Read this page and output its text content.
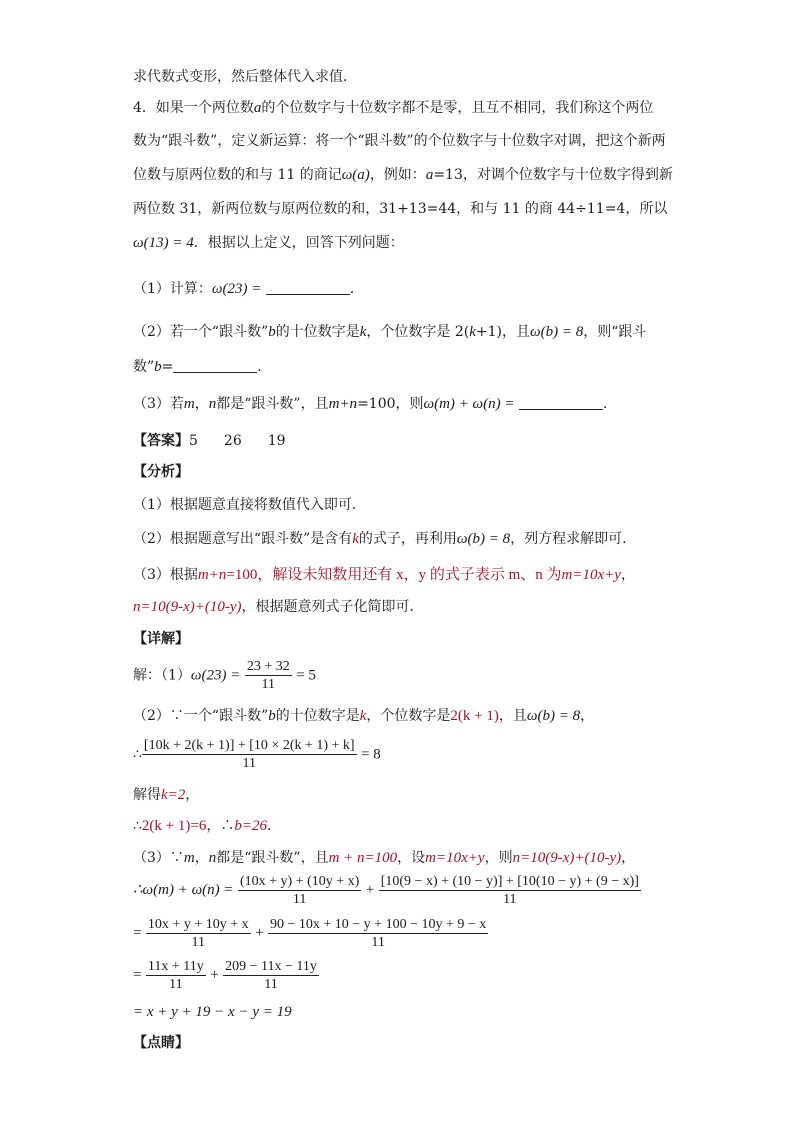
求代数式变形，然后整体代入求值．
4．如果一个两位数a的个位数字与十位数字都不是零，且互不相同，我们称这个两位
数为“跟斗数”，定义新运算：将一个“跟斗数”的个位数字与十位数字对调，把这个新两
位数与原两位数的和与 11 的商记ω(a)，例如：a=13，对调个位数字与十位数字得到新
两位数 31，新两位数与原两位数的和，31+13=44，和与 11 的商 44÷11=4，所以
ω(13) = 4．根据以上定义，回答下列问题：
（1）计算：ω(23) =	．
（2）若一个“跟斗数”b的十位数字是k，个位数字是 2(k+1)，且ω(b) = 8，则“跟斗
数”b=	．
（3）若m，n都是“跟斗数”，且m+n=100，则ω(m) + ω(n) =	．
【答案】5 26 19
【分析】
（1）根据题意直接将数值代入即可．
（2）根据题意写出“跟斗数”是含有k的式子，再利用ω(b) = 8，列方程求解即可．
（3）根据m+n=100，解设未知数用还有 x，y 的式子表示 m、n 为m=10x+y，
n=10(9-x)+(10-y)，根据题意列式子化简即可．
【详解】
解：$(1)\omega(23) = \frac{23 + 32}{11} = 5$
（2）∵一个“跟斗数”b的十位数字是k，个位数字是2(k + 1)，且ω(b) = 8，
∴ $\frac{[10k + 2(k + 1)] + [10 \times 2(k + 1) + k]}{11} = 8$
解得k=2，
∴2(k + 1)=6，∴b=26．
（3）∵m，n都是“跟斗数”，且m + n=100，设m=10x+y，则n=10(9-x)+(10-y)，
∴ω(m) + $\omega(n) = \frac{(10x + y) + (10y + x)}{11} + \frac{[10(9 - x) + (10 - y)] + [10(10 - y) + (9 - x)]}{11}$
= $\frac{10x + y + 10y + x}{11} + \frac{90 - 10x + 10 - y + 100 - 10y + 9 - x}{11}$
= $\frac{11x + 11y}{11} + \frac{209 - 11x - 11y}{11}$
= x + y + 19 − x − y = 19
【点睛】
